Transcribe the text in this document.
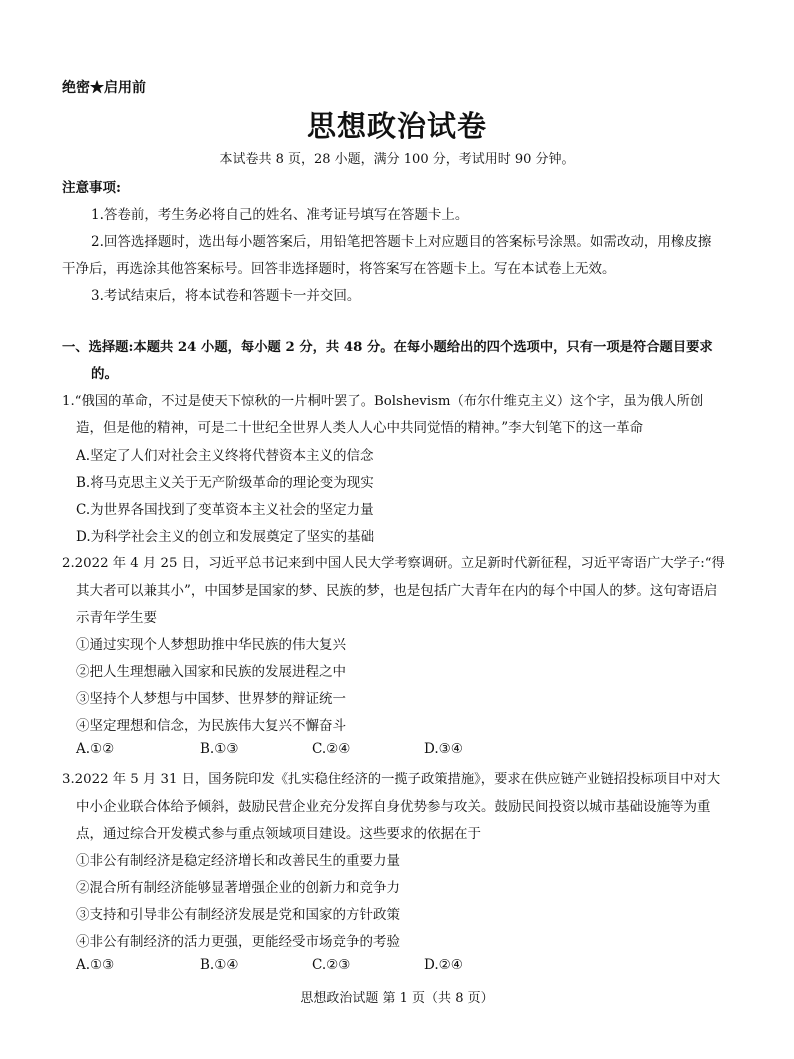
绝密★启用前
思想政治试卷
本试卷共 8 页，28 小题，满分 100 分，考试用时 90 分钟。
注意事项:
1.答卷前，考生务必将自己的姓名、准考证号填写在答题卡上。
2.回答选择题时，选出每小题答案后，用铅笔把答题卡上对应题目的答案标号涂黑。如需改动，用橡皮擦
干净后，再选涂其他答案标号。回答非选择题时，将答案写在答题卡上。写在本试卷上无效。
3.考试结束后，将本试卷和答题卡一并交回。
一、选择题:本题共 24 小题，每小题 2 分，共 48 分。在每小题给出的四个选项中，只有一项是符合题目要求
的。
1.“俄国的革命，不过是使天下惊秋的一片桐叶罢了。Bolshevism（布尔什维克主义）这个字，虽为俄人所创
造，但是他的精神，可是二十世纪全世界人类人人心中共同觉悟的精神。”李大钊笔下的这一革命
A.坚定了人们对社会主义终将代替资本主义的信念
B.将马克思主义关于无产阶级革命的理论变为现实
C.为世界各国找到了变革资本主义社会的坚定力量
D.为科学社会主义的创立和发展奠定了坚实的基础
2.2022 年 4 月 25 日，习近平总书记来到中国人民大学考察调研。立足新时代新征程，习近平寄语广大学子:“得
其大者可以兼其小”，中国梦是国家的梦、民族的梦，也是包括广大青年在内的每个中国人的梦。这句寄语启
示青年学生要
①通过实现个人梦想助推中华民族的伟大复兴
②把人生理想融入国家和民族的发展进程之中
③坚持个人梦想与中国梦、世界梦的辩证统一
④坚定理想和信念，为民族伟大复兴不懈奋斗
A.①②	B.①③	C.②④	D.③④
3.2022 年 5 月 31 日，国务院印发《扎实稳住经济的一揽子政策措施》，要求在供应链产业链招投标项目中对大
中小企业联合体给予倾斜，鼓励民营企业充分发挥自身优势参与攻关。鼓励民间投资以城市基础设施等为重
点，通过综合开发模式参与重点领域项目建设。这些要求的依据在于
①非公有制经济是稳定经济增长和改善民生的重要力量
②混合所有制经济能够显著增强企业的创新力和竞争力
③支持和引导非公有制经济发展是党和国家的方针政策
④非公有制经济的活力更强，更能经受市场竞争的考验
A.①③	B.①④	C.②③	D.②④
思想政治试题 第 1 页（共 8 页）
